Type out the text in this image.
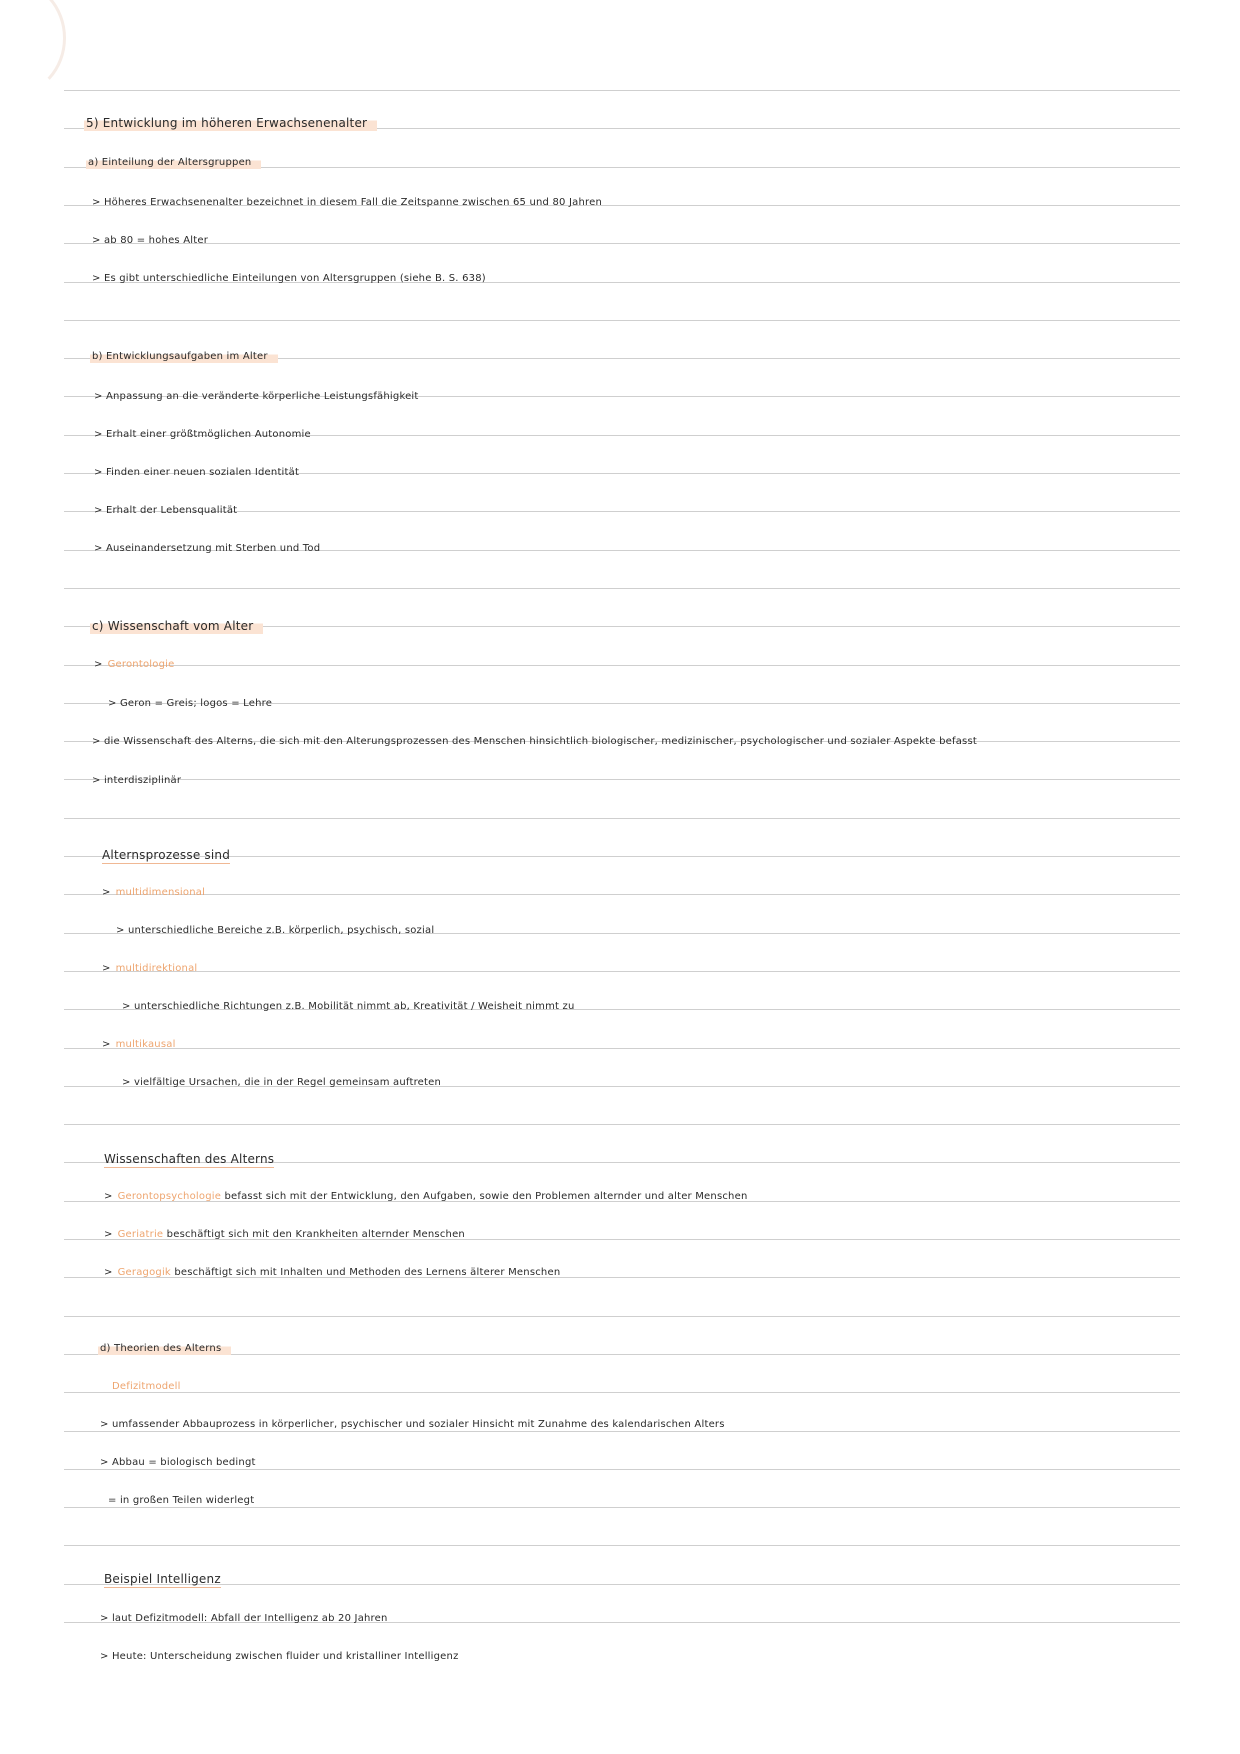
5) Entwicklung im höheren Erwachsenenalter
a) Einteilung der Altersgruppen
> Höheres Erwachsenenalter bezeichnet in diesem Fall die Zeitspanne zwischen 65 und 80 Jahren
> ab 80 = hohes Alter
> Es gibt unterschiedliche Einteilungen von Altersgruppen (siehe B. S. 638)
b) Entwicklungsaufgaben im Alter
> Anpassung an die veränderte körperliche Leistungsfähigkeit
> Erhalt einer größtmöglichen Autonomie
> Finden einer neuen sozialen Identität
> Erhalt der Lebensqualität
> Auseinandersetzung mit Sterben und Tod
c) Wissenschaft vom Alter
> Gerontologie
> Geron = Greis; logos = Lehre
> die Wissenschaft des Alterns, die sich mit den Alterungsprozessen des Menschen hinsichtlich biologischer, medizinischer, psychologischer und sozialer Aspekte befasst
> interdisziplinär
Alternsprozesse sind
> multidimensional
> unterschiedliche Bereiche z.B. körperlich, psychisch, sozial
> multidirektional
> unterschiedliche Richtungen z.B. Mobilität nimmt ab, Kreativität / Weisheit nimmt zu
> multikausal
> vielfältige Ursachen, die in der Regel gemeinsam auftreten
Wissenschaften des Alterns
> Gerontopsychologie befasst sich mit der Entwicklung, den Aufgaben, sowie den Problemen alternder und alter Menschen
> Geriatrie beschäftigt sich mit den Krankheiten alternder Menschen
> Geragogik beschäftigt sich mit Inhalten und Methoden des Lernens älterer Menschen
d) Theorien des Alterns
Defizitmodell
> umfassender Abbauprozess in körperlicher, psychischer und sozialer Hinsicht mit Zunahme des kalendarischen Alters
> Abbau = biologisch bedingt
= in großen Teilen widerlegt
Beispiel Intelligenz
> laut Defizitmodell: Abfall der Intelligenz ab 20 Jahren
> Heute: Unterscheidung zwischen fluider und kristalliner Intelligenz
